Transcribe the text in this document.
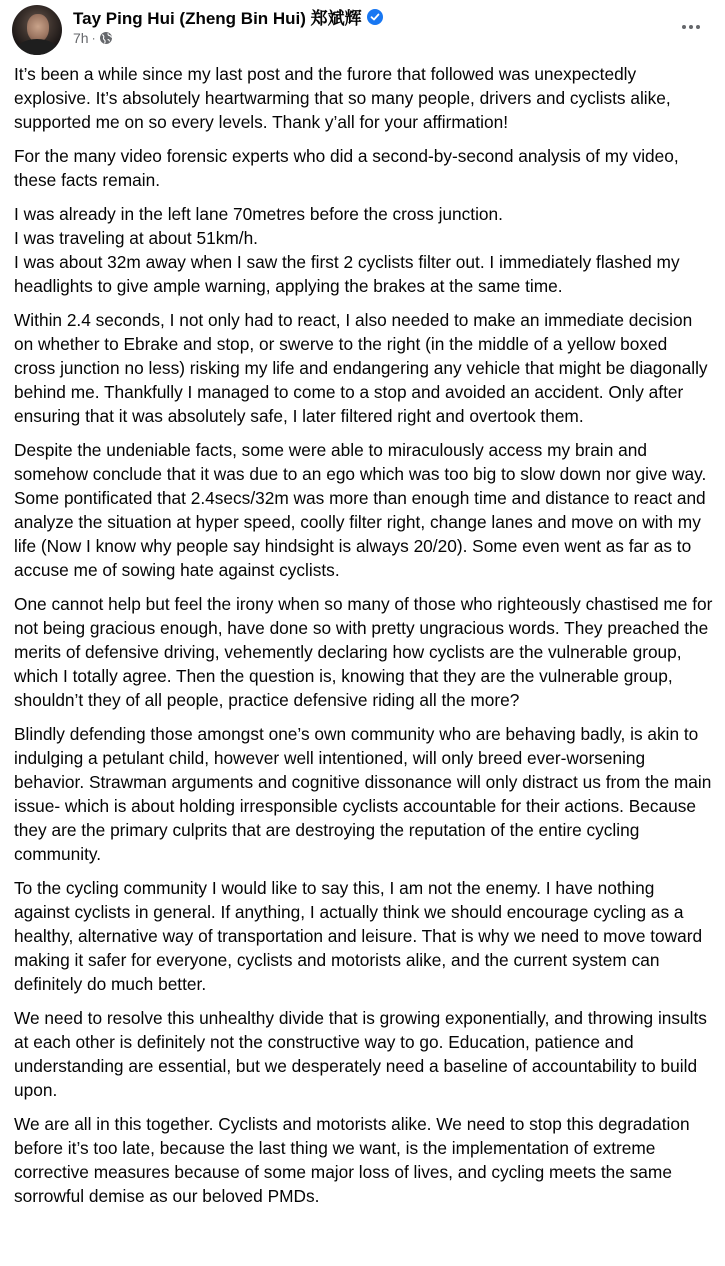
Tay Ping Hui (Zheng Bin Hui) 郑斌辉
7h ·

It’s been a while since my last post and the furore that followed was unexpectedly explosive. It’s absolutely heartwarming that so many people, drivers and cyclists alike, supported me on so every levels. Thank y’all for your affirmation!

For the many video forensic experts who did a second-by-second analysis of my video, these facts remain.

I was already in the left lane 70metres before the cross junction.
I was traveling at about 51km/h.
I was about 32m away when I saw the first 2 cyclists filter out. I immediately flashed my headlights to give ample warning, applying the brakes at the same time.

Within 2.4 seconds, I not only had to react, I also needed to make an immediate decision on whether to Ebrake and stop, or swerve to the right (in the middle of a yellow boxed cross junction no less) risking my life and endangering any vehicle that might be diagonally behind me. Thankfully I managed to come to a stop and avoided an accident. Only after ensuring that it was absolutely safe, I later filtered right and overtook them.

Despite the undeniable facts, some were able to miraculously access my brain and somehow conclude that it was due to an ego which was too big to slow down nor give way. Some pontificated that 2.4secs/32m was more than enough time and distance to react and analyze the situation at hyper speed, coolly filter right, change lanes and move on with my life (Now I know why people say hindsight is always 20/20). Some even went as far as to accuse me of sowing hate against cyclists.

One cannot help but feel the irony when so many of those who righteously chastised me for not being gracious enough, have done so with pretty ungracious words. They preached the merits of defensive driving, vehemently declaring how cyclists are the vulnerable group, which I totally agree. Then the question is, knowing that they are the vulnerable group, shouldn’t they of all people, practice defensive riding all the more?

Blindly defending those amongst one’s own community who are behaving badly, is akin to indulging a petulant child, however well intentioned, will only breed ever-worsening behavior. Strawman arguments and cognitive dissonance will only distract us from the main issue- which is about holding irresponsible cyclists accountable for their actions. Because they are the primary culprits that are destroying the reputation of the entire cycling community.

To the cycling community I would like to say this, I am not the enemy. I have nothing against cyclists in general. If anything, I actually think we should encourage cycling as a healthy, alternative way of transportation and leisure. That is why we need to move toward making it safer for everyone, cyclists and motorists alike, and the current system can definitely do much better.

We need to resolve this unhealthy divide that is growing exponentially, and throwing insults at each other is definitely not the constructive way to go. Education, patience and understanding are essential, but we desperately need a baseline of accountability to build upon.

We are all in this together. Cyclists and motorists alike. We need to stop this degradation before it’s too late, because the last thing we want, is the implementation of extreme corrective measures because of some major loss of lives, and cycling meets the same sorrowful demise as our beloved PMDs.
